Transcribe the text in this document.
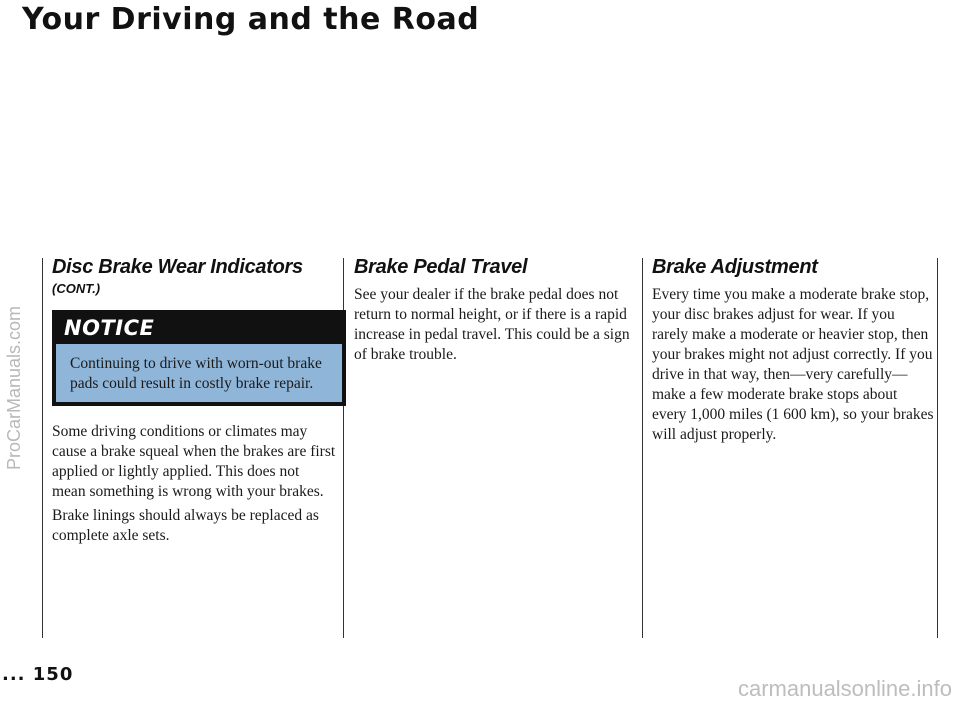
Your Driving and the Road
Disc Brake Wear Indicators

(CONT.)

NOTICE
Continuing to drive with worn-out brake pads could result in costly brake repair.

Some driving conditions or climates may cause a brake squeal when the brakes are first applied or lightly applied. This does not mean something is wrong with your brakes.

Brake linings should always be replaced as complete axle sets.

Brake Pedal Travel

See your dealer if the brake pedal does not return to normal height, or if there is a rapid increase in pedal travel. This could be a sign of brake trouble.

Brake Adjustment

Every time you make a moderate brake stop, your disc brakes adjust for wear. If you rarely make a moderate or heavier stop, then your brakes might not adjust correctly. If you drive in that way, then—very carefully—make a few moderate brake stops about every 1,000 miles (1 600 km), so your brakes will adjust properly.

... 150
ProCarManuals.com
carmanualsonline.info
